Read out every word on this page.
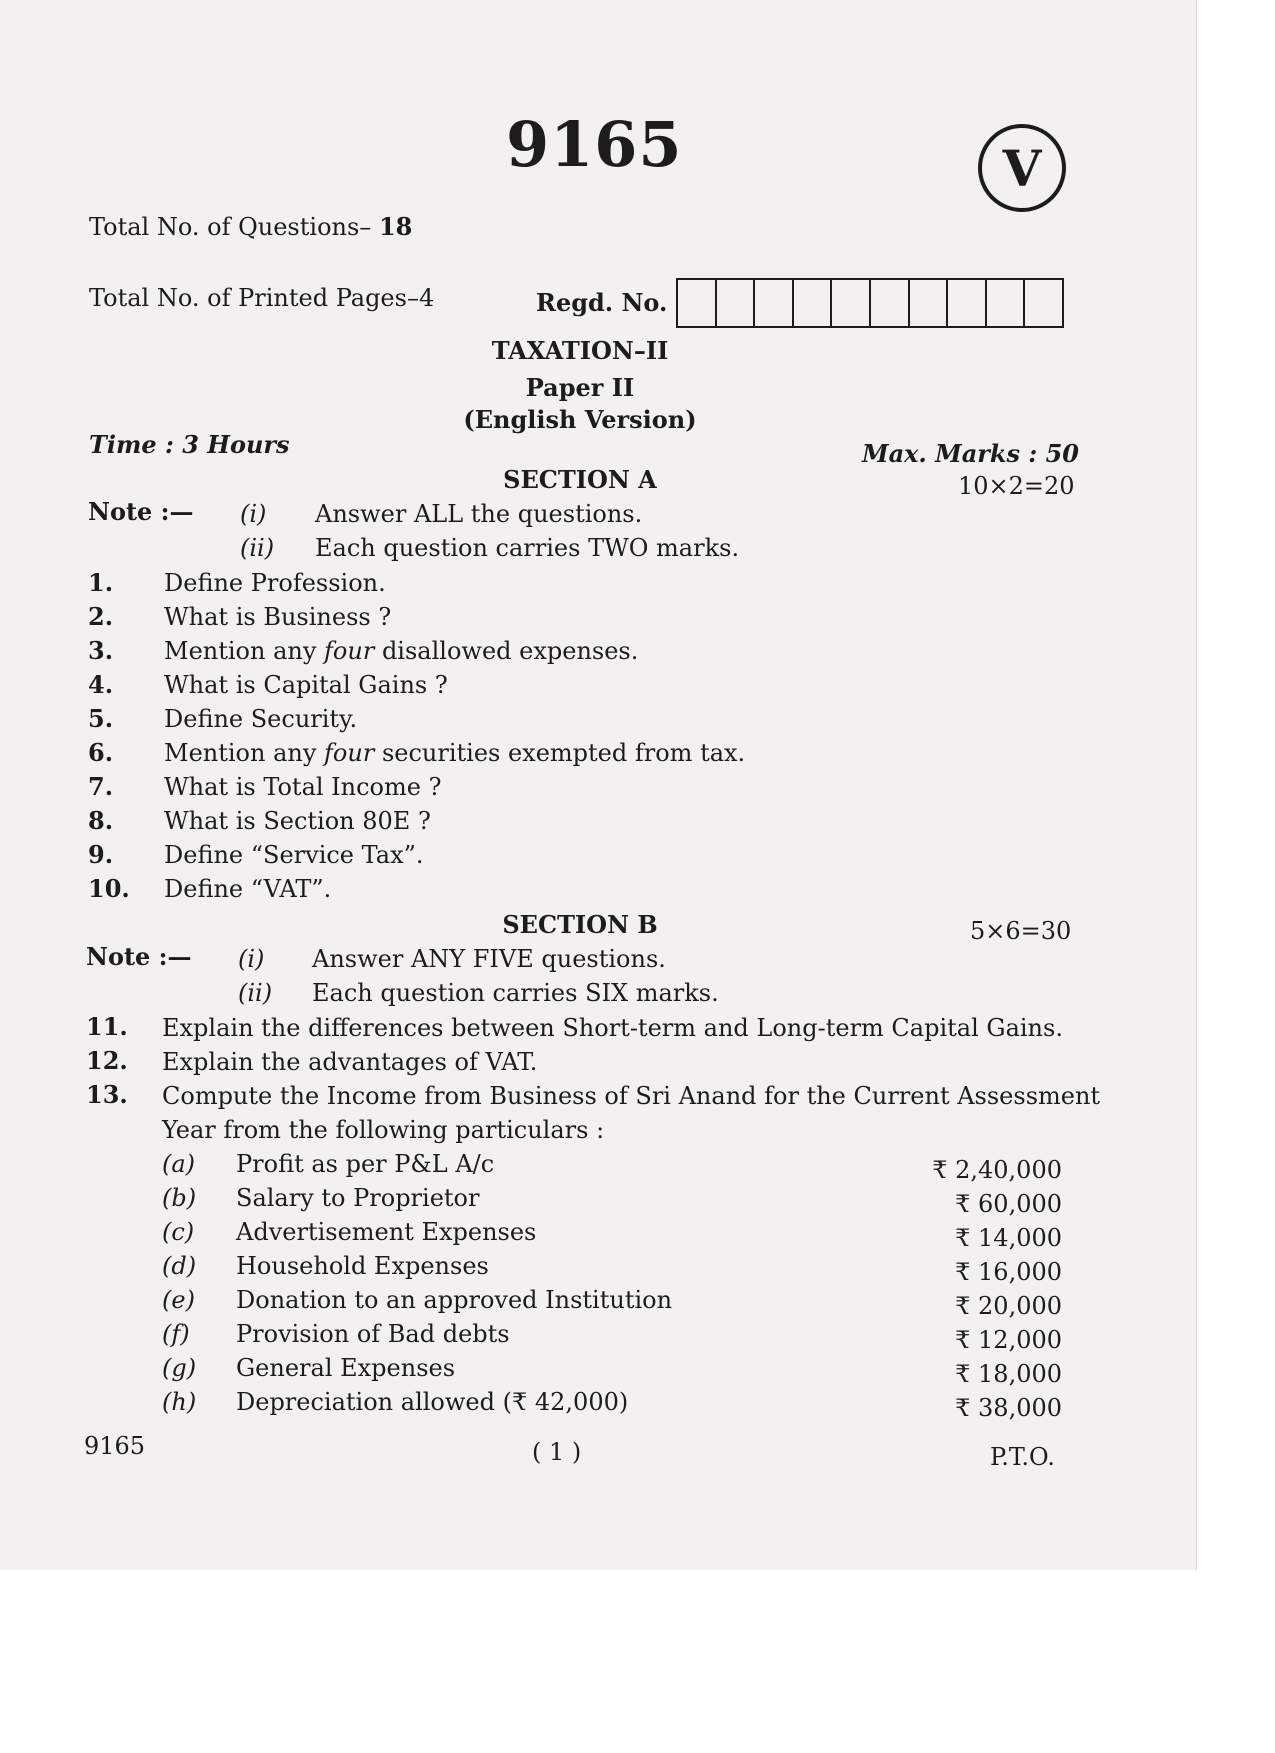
9165	V
Total No. of Questions– 18
Total No. of Printed Pages–4	Regd. No.
TAXATION–II
Paper II
(English Version)
Time : 3 Hours	Max. Marks : 50
SECTION A	10×2=20
Note :— (i) Answer ALL the questions.
(ii) Each question carries TWO marks.
1. Define Profession.
2. What is Business ?
3. Mention any four disallowed expenses.
4. What is Capital Gains ?
5. Define Security.
6. Mention any four securities exempted from tax.
7. What is Total Income ?
8. What is Section 80E ?
9. Define “Service Tax”.
10. Define “VAT”.
SECTION B	5×6=30
Note :— (i) Answer ANY FIVE questions.
(ii) Each question carries SIX marks.
11. Explain the differences between Short-term and Long-term Capital Gains.
12. Explain the advantages of VAT.
13. Compute the Income from Business of Sri Anand for the Current Assessment
Year from the following particulars :
(a) Profit as per P&L A/c	₹ 2,40,000
(b) Salary to Proprietor	₹ 60,000
(c) Advertisement Expenses	₹ 14,000
(d) Household Expenses	₹ 16,000
(e) Donation to an approved Institution	₹ 20,000
(f) Provision of Bad debts	₹ 12,000
(g) General Expenses	₹ 18,000
(h) Depreciation allowed (₹ 42,000)	₹ 38,000
9165	( 1 )	P.T.O.
